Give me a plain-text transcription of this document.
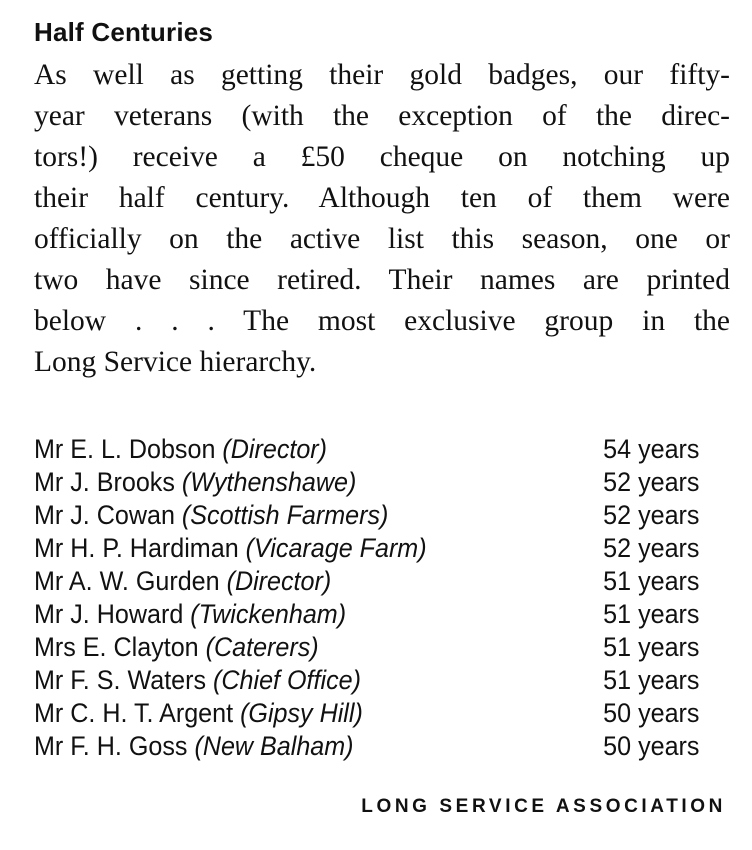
Half Centuries

As well as getting their gold badges, our fifty-
year veterans (with the exception of the direc-
tors!) receive a £50 cheque on notching up
their half century. Although ten of them were
officially on the active list this season, one or
two have since retired. Their names are printed
below . . . The most exclusive group in the
Long Service hierarchy.

Mr E. L. Dobson (Director)	54 years
Mr J. Brooks (Wythenshawe)	52 years
Mr J. Cowan (Scottish Farmers)	52 years
Mr H. P. Hardiman (Vicarage Farm)	52 years
Mr A. W. Gurden (Director)	51 years
Mr J. Howard (Twickenham)	51 years
Mrs E. Clayton (Caterers)	51 years
Mr F. S. Waters (Chief Office)	51 years
Mr C. H. T. Argent (Gipsy Hill)	50 years
Mr F. H. Goss (New Balham)	50 years

LONG SERVICE ASSOCIATION
